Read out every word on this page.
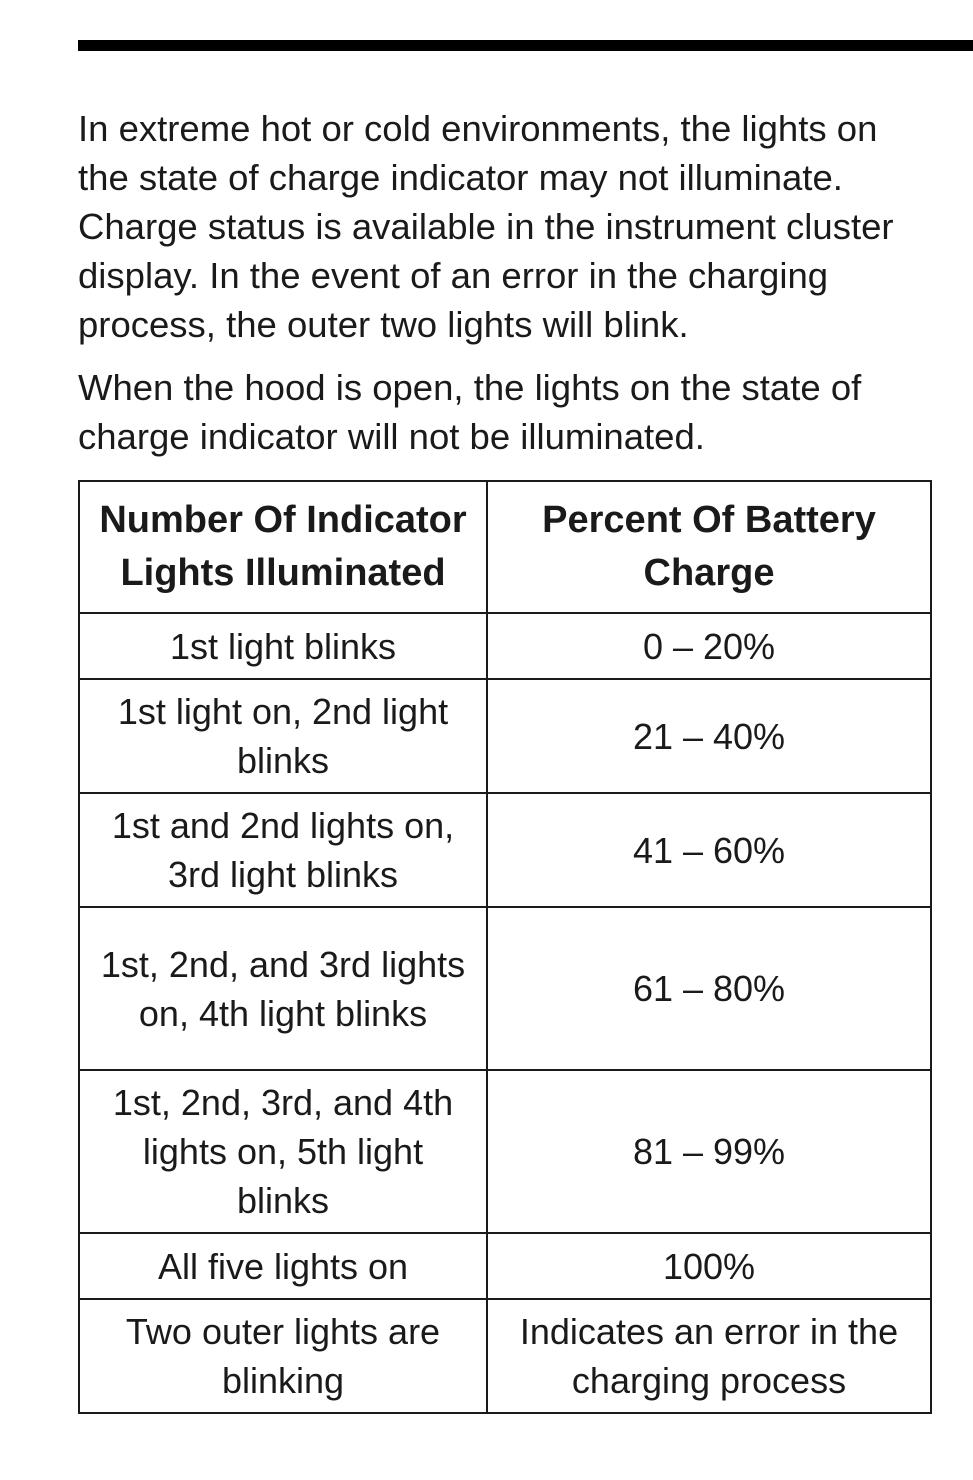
In extreme hot or cold environments, the lights on the state of charge indicator may not illuminate. Charge status is available in the instrument cluster display. In the event of an error in the charging process, the outer two lights will blink.

When the hood is open, the lights on the state of charge indicator will not be illuminated.

Number Of Indicator Lights Illuminated	Percent Of Battery Charge
1st light blinks	0 – 20%
1st light on, 2nd light blinks	21 – 40%
1st and 2nd lights on, 3rd light blinks	41 – 60%
1st, 2nd, and 3rd lights on, 4th light blinks	61 – 80%
1st, 2nd, 3rd, and 4th lights on, 5th light blinks	81 – 99%
All five lights on	100%
Two outer lights are blinking	Indicates an error in the charging process
